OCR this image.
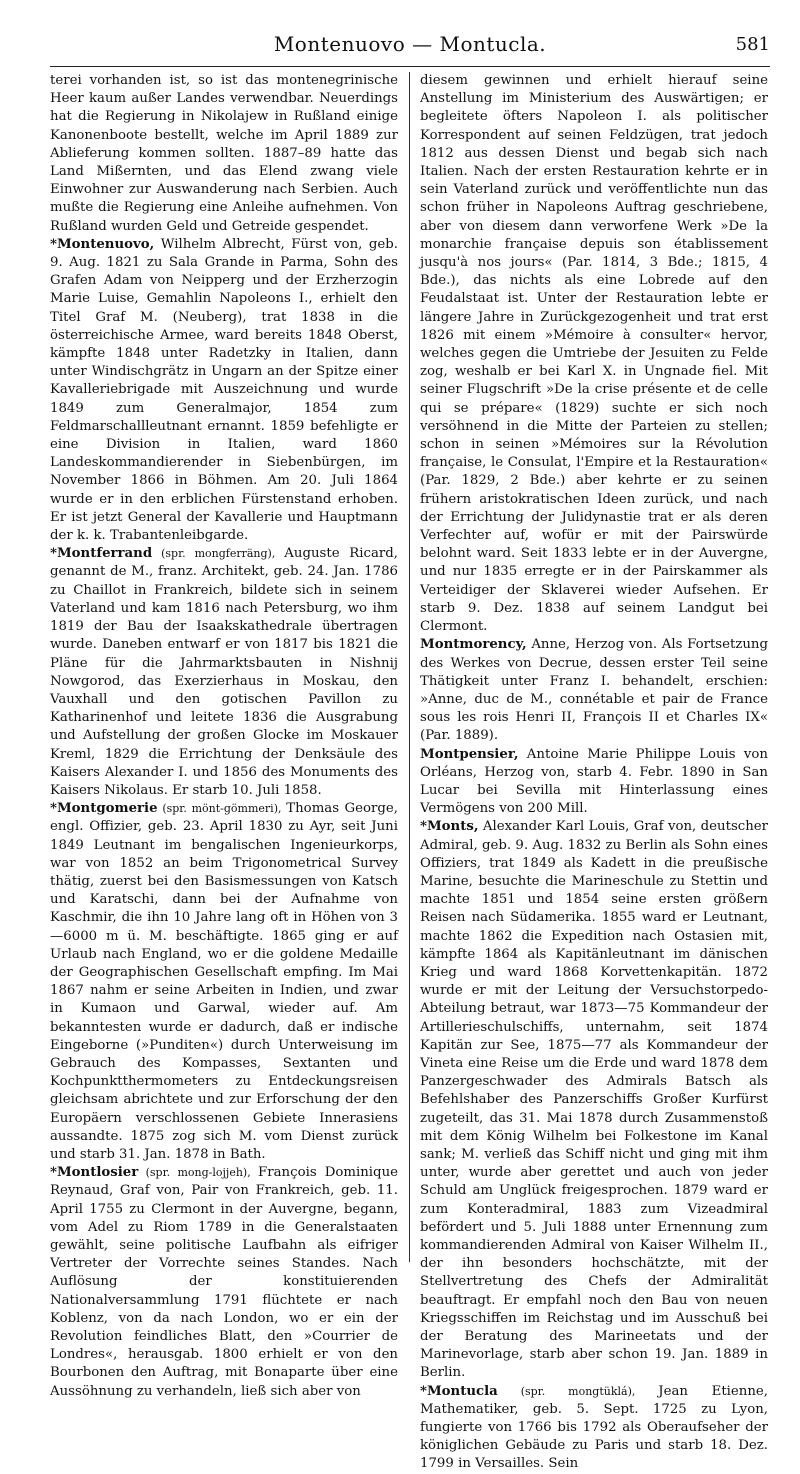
Montenuovo — Montucla.	581

terei vorhanden ist, so ist das montenegrinische Heer kaum außer Landes verwendbar. Neuerdings hat die Regierung in Nikolajew in Rußland einige Kanonenboote bestellt, welche im April 1889 zur Ablieferung kommen sollten. 1887–89 hatte das Land Mißernten, und das Elend zwang viele Einwohner zur Auswanderung nach Serbien. Auch mußte die Regierung eine Anleihe aufnehmen. Von Rußland wurden Geld und Getreide gespendet.

*Montenuovo, Wilhelm Albrecht, Fürst von, geb. 9. Aug. 1821 zu Sala Grande in Parma, Sohn des Grafen Adam von Neipperg und der Erzherzogin Marie Luise, Gemahlin Napoleons I., erhielt den Titel Graf M. (Neuberg), trat 1838 in die österreichische Armee, ward bereits 1848 Oberst, kämpfte 1848 unter Radetzky in Italien, dann unter Windischgrätz in Ungarn an der Spitze einer Kavalleriebrigade mit Auszeichnung und wurde 1849 zum Generalmajor, 1854 zum Feldmarschallleutnant ernannt. 1859 befehligte er eine Division in Italien, ward 1860 Landeskommandierender in Siebenbürgen, im November 1866 in Böhmen. Am 20. Juli 1864 wurde er in den erblichen Fürstenstand erhoben. Er ist jetzt General der Kavallerie und Hauptmann der k. k. Trabantenleibgarde.

*Montferrand (spr. mongferräng), Auguste Ricard, genannt de M., franz. Architekt, geb. 24. Jan. 1786 zu Chaillot in Frankreich, bildete sich in seinem Vaterland und kam 1816 nach Petersburg, wo ihm 1819 der Bau der Isaakskathedrale übertragen wurde. Daneben entwarf er von 1817 bis 1821 die Pläne für die Jahrmarktsbauten in Nishnij Nowgorod, das Exerzierhaus in Moskau, den Vauxhall und den gotischen Pavillon zu Katharinenhof und leitete 1836 die Ausgrabung und Aufstellung der großen Glocke im Moskauer Kreml, 1829 die Errichtung der Denksäule des Kaisers Alexander I. und 1856 des Monuments des Kaisers Nikolaus. Er starb 10. Juli 1858.

*Montgomerie (spr. mönt-gömmeri), Thomas George, engl. Offizier, geb. 23. April 1830 zu Ayr, seit Juni 1849 Leutnant im bengalischen Ingenieurkorps, war von 1852 an beim Trigonometrical Survey thätig, zuerst bei den Basismessungen von Katsch und Karatschi, dann bei der Aufnahme von Kaschmir, die ihn 10 Jahre lang oft in Höhen von 3—6000 m ü. M. beschäftigte. 1865 ging er auf Urlaub nach England, wo er die goldene Medaille der Geographischen Gesellschaft empfing. Im Mai 1867 nahm er seine Arbeiten in Indien, und zwar in Kumaon und Garwal, wieder auf. Am bekanntesten wurde er dadurch, daß er indische Eingeborne (»Punditen«) durch Unterweisung im Gebrauch des Kompasses, Sextanten und Kochpunktthermometers zu Entdeckungsreisen gleichsam abrichtete und zur Erforschung der den Europäern verschlossenen Gebiete Innerasiens aussandte. 1875 zog sich M. vom Dienst zurück und starb 31. Jan. 1878 in Bath.

*Montlosier (spr. mong-lojjeh), François Dominique Reynaud, Graf von, Pair von Frankreich, geb. 11. April 1755 zu Clermont in der Auvergne, begann, vom Adel zu Riom 1789 in die Generalstaaten gewählt, seine politische Laufbahn als eifriger Vertreter der Vorrechte seines Standes. Nach Auflösung der konstituierenden Nationalversammlung 1791 flüchtete er nach Koblenz, von da nach London, wo er ein der Revolution feindliches Blatt, den »Courrier de Londres«, herausgab. 1800 erhielt er von den Bourbonen den Auftrag, mit Bonaparte über eine Aussöhnung zu verhandeln, ließ sich aber von

diesem gewinnen und erhielt hierauf seine Anstellung im Ministerium des Auswärtigen; er begleitete öfters Napoleon I. als politischer Korrespondent auf seinen Feldzügen, trat jedoch 1812 aus dessen Dienst und begab sich nach Italien. Nach der ersten Restauration kehrte er in sein Vaterland zurück und veröffentlichte nun das schon früher in Napoleons Auftrag geschriebene, aber von diesem dann verworfene Werk »De la monarchie française depuis son établissement jusqu'à nos jours« (Par. 1814, 3 Bde.; 1815, 4 Bde.), das nichts als eine Lobrede auf den Feudalstaat ist. Unter der Restauration lebte er längere Jahre in Zurückgezogenheit und trat erst 1826 mit einem »Mémoire à consulter« hervor, welches gegen die Umtriebe der Jesuiten zu Felde zog, weshalb er bei Karl X. in Ungnade fiel. Mit seiner Flugschrift »De la crise présente et de celle qui se prépare« (1829) suchte er sich noch versöhnend in die Mitte der Parteien zu stellen; schon in seinen »Mémoires sur la Révolution française, le Consulat, l'Empire et la Restauration« (Par. 1829, 2 Bde.) aber kehrte er zu seinen frühern aristokratischen Ideen zurück, und nach der Errichtung der Julidynastie trat er als deren Verfechter auf, wofür er mit der Pairswürde belohnt ward. Seit 1833 lebte er in der Auvergne, und nur 1835 erregte er in der Pairskammer als Verteidiger der Sklaverei wieder Aufsehen. Er starb 9. Dez. 1838 auf seinem Landgut bei Clermont.

Montmorency, Anne, Herzog von. Als Fortsetzung des Werkes von Decrue, dessen erster Teil seine Thätigkeit unter Franz I. behandelt, erschien: »Anne, duc de M., connétable et pair de France sous les rois Henri II, François II et Charles IX« (Par. 1889).

Montpensier, Antoine Marie Philippe Louis von Orléans, Herzog von, starb 4. Febr. 1890 in San Lucar bei Sevilla mit Hinterlassung eines Vermögens von 200 Mill.

*Monts, Alexander Karl Louis, Graf von, deutscher Admiral, geb. 9. Aug. 1832 zu Berlin als Sohn eines Offiziers, trat 1849 als Kadett in die preußische Marine, besuchte die Marineschule zu Stettin und machte 1851 und 1854 seine ersten größern Reisen nach Südamerika. 1855 ward er Leutnant, machte 1862 die Expedition nach Ostasien mit, kämpfte 1864 als Kapitänleutnant im dänischen Krieg und ward 1868 Korvettenkapitän. 1872 wurde er mit der Leitung der Versuchstorpedo-Abteilung betraut, war 1873—75 Kommandeur der Artillerieschulschiffs, unternahm, seit 1874 Kapitän zur See, 1875—77 als Kommandeur der Vineta eine Reise um die Erde und ward 1878 dem Panzergeschwader des Admirals Batsch als Befehlshaber des Panzerschiffs Großer Kurfürst zugeteilt, das 31. Mai 1878 durch Zusammenstoß mit dem König Wilhelm bei Folkestone im Kanal sank; M. verließ das Schiff nicht und ging mit ihm unter, wurde aber gerettet und auch von jeder Schuld am Unglück freigesprochen. 1879 ward er zum Konteradmiral, 1883 zum Vizeadmiral befördert und 5. Juli 1888 unter Ernennung zum kommandierenden Admiral von Kaiser Wilhelm II., der ihn besonders hochschätzte, mit der Stellvertretung des Chefs der Admiralität beauftragt. Er empfahl noch den Bau von neuen Kriegsschiffen im Reichstag und im Ausschuß bei der Beratung des Marineetats und der Marinevorlage, starb aber schon 19. Jan. 1889 in Berlin.

*Montucla (spr. mongtüklá), Jean Etienne, Mathematiker, geb. 5. Sept. 1725 zu Lyon, fungierte von 1766 bis 1792 als Oberaufseher der königlichen Gebäude zu Paris und starb 18. Dez. 1799 in Versailles. Sein
